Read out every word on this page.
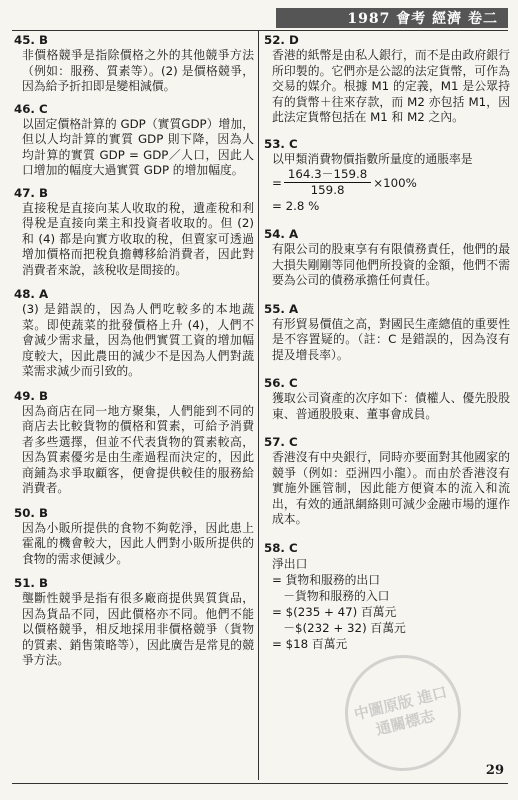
1987 會考 經濟 卷二
45. B
非價格競爭是指除價格之外的其他競爭方法（例如：服務、質素等）。(2) 是價格競爭，因為給予折扣即是變相減價。
46. C
以固定價格計算的 GDP（實質GDP）增加，但以人均計算的實質 GDP 則下降，因為人均計算的實質 GDP = GDP／人口，因此人口增加的幅度大過實質 GDP 的增加幅度。
47. B
直接稅是直接向某人收取的稅，遺產稅和利得稅是直接向業主和投資者收取的。但 (2) 和 (4) 都是向實方收取的稅，但賣家可透過增加價格而把稅負擔轉移給消費者，因此對消費者來說，該稅收是間接的。
48. A
(3) 是錯誤的，因為人們吃較多的本地蔬菜。即使蔬菜的批發價格上升 (4)，人們不會減少需求量，因為他們實質工資的增加幅度較大，因此農田的減少不是因為人們對蔬菜需求減少而引致的。
49. B
因為商店在同一地方聚集，人們能到不同的商店去比較貨物的價格和質素，可給予消費者多些選擇，但並不代表貨物的質素較高，因為質素優劣是由生產過程而決定的，因此商鋪為求爭取顧客，便會提供較佳的服務給消費者。
50. B
因為小販所提供的食物不夠乾淨，因此患上霍亂的機會較大，因此人們對小販所提供的食物的需求便減少。
51. B
壟斷性競爭是指有很多廠商提供異質貨品，因為貨品不同，因此價格亦不同。他們不能以價格競爭，相反地採用非價格競爭（貨物的質素、銷售策略等），因此廣告是常見的競爭方法。
52. D
香港的紙幣是由私人銀行，而不是由政府銀行所印製的。它們亦是公認的法定貨幣，可作為交易的媒介。根據 M1 的定義，M1 是公眾持有的貨幣＋往來存款，而 M2 亦包括 M1，因此法定貨幣包括在 M1 和 M2 之內。
53. C
以甲類消費物價指數所量度的通脹率是
= $\frac{164.3-159.8}{159.8} \times 100\%$
= 2.8 %
54. A
有限公司的股東享有有限債務責任，他們的最大損失剛剛等同他們所投資的金額，他們不需要為公司的債務承擔任何責任。
55. A
有形貿易價值之高，對國民生產總值的重要性是不容置疑的。（註：C 是錯誤的，因為沒有提及增長率）。
56. C
獲取公司資產的次序如下：債權人、優先股股東、普通股股東、董事會成員。
57. C
香港沒有中央銀行，同時亦要面對其他國家的競爭（例如：亞洲四小龍）。而由於香港沒有實施外匯管制，因此能方便資本的流入和流出，有效的通訊網絡則可減少金融市場的運作成本。
58. C
淨出口
= 貨物和服務的出口
－貨物和服務的入口
= $(235 + 47) 百萬元
－$(232 + 32) 百萬元
= $18 百萬元
中圖原版 進口通關標志
29
